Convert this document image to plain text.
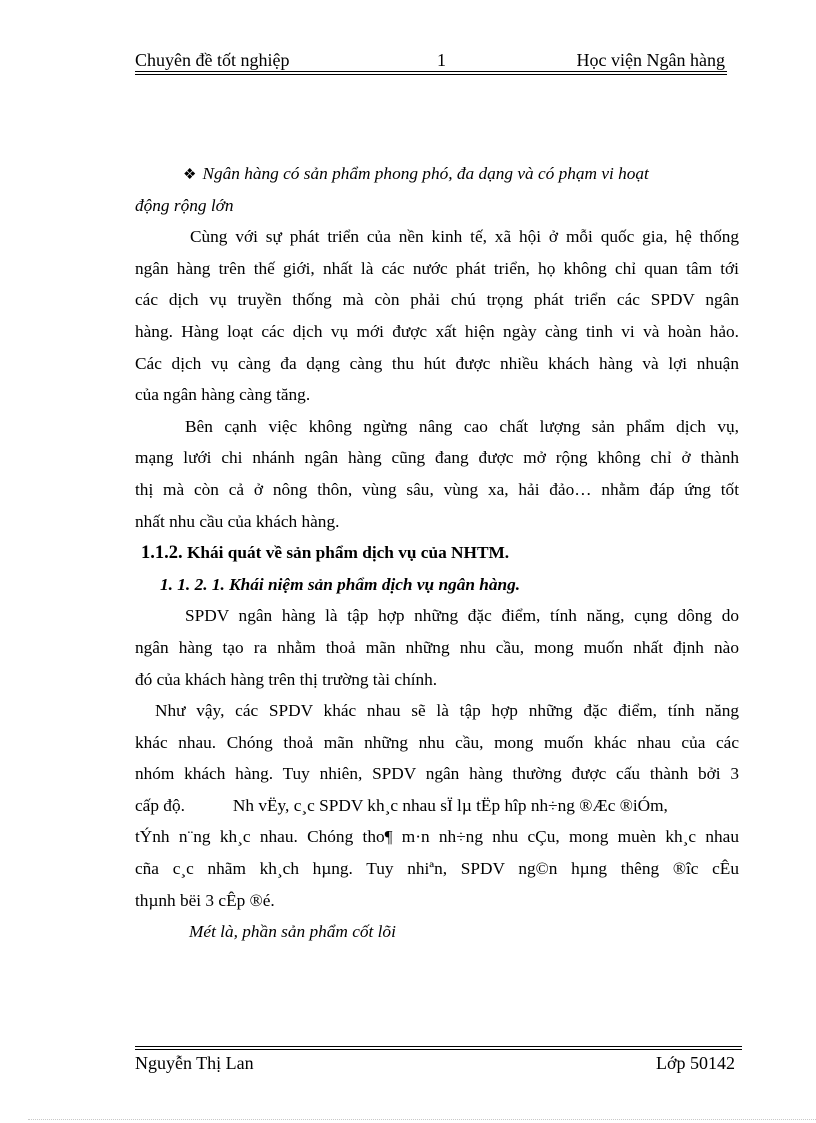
Chuyên đề tốt nghiệp	1	Học viện Ngân hàng
❖ Ngân hàng có sản phẩm phong phó, đa dạng và có phạm vi hoạt
động rộng lớn
Cùng với sự phát triển của nền kinh tế, xã hội ở mỗi quốc gia, hệ thống
ngân hàng trên thế giới, nhất là các nước phát triển, họ không chỉ quan tâm tới
các dịch vụ truyền thống mà còn phải chú trọng phát triển các SPDV ngân
hàng. Hàng loạt các dịch vụ mới được xất hiện ngày càng tinh vi và hoàn hảo.
Các dịch vụ càng đa dạng càng thu hút được nhiều khách hàng và lợi nhuận
của ngân hàng càng tăng.
Bên cạnh việc không ngừng nâng cao chất lượng sản phẩm dịch vụ,
mạng lưới chi nhánh ngân hàng cũng đang được mở rộng không chỉ ở thành
thị mà còn cả ở nông thôn, vùng sâu, vùng xa, hải đảo… nhằm đáp ứng tốt
nhất nhu cầu của khách hàng.
1.1.2. Khái quát về sản phẩm dịch vụ của NHTM.
1. 1. 2. 1. Khái niệm sản phẩm dịch vụ ngân hàng.
SPDV ngân hàng là tập hợp những đặc điểm, tính năng, cụng dông do
ngân hàng tạo ra nhằm thoả mãn những nhu cầu, mong muốn nhất định nào
đó của khách hàng trên thị trường tài chính.
Như vậy, các SPDV khác nhau sẽ là tập hợp những đặc điểm, tính năng
khác nhau. Chóng thoả mãn những nhu cầu, mong muốn khác nhau của các
nhóm khách hàng. Tuy nhiên, SPDV ngân hàng thường được cấu thành bởi 3
cấp độ.	Nh vËy, c¸c SPDV kh¸c nhau sÏ lµ tËp hîp nh÷ng ®Æc ®iÓm,
tÝnh n¨ng kh¸c nhau. Chóng tho¶ m·n nh÷ng nhu cÇu, mong muèn kh¸c nhau
cña c¸c nhãm kh¸ch hµng. Tuy nhiªn, SPDV ng©n hµng thêng ®îc cÊu
thµnh bëi 3 cÊp ®é.
Mét là, phần sản phẩm cốt lõi
Nguyễn Thị Lan	Lớp 50142
